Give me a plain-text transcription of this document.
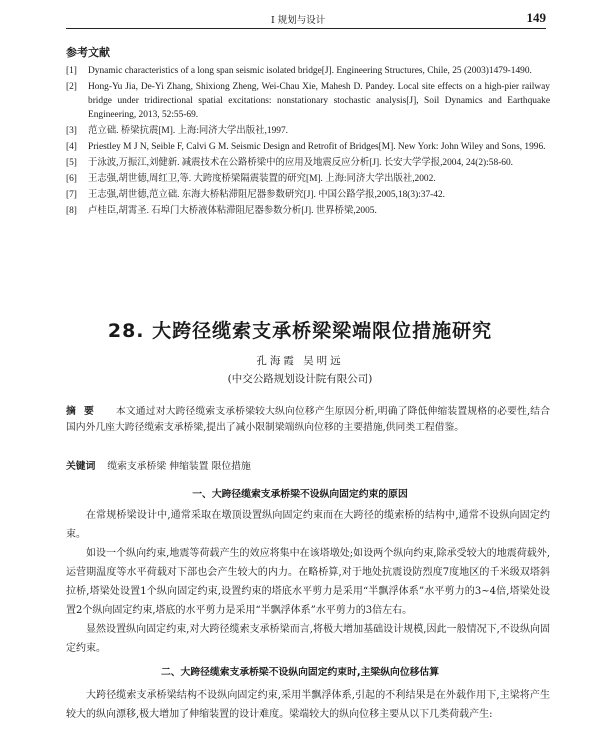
Ⅰ 规划与设计	149
参考文献
[1]	Dynamic characteristics of a long span seismic isolated bridge[J]. Engineering Structures, Chile, 25 (2003)1479-1490.
[2]	Hong-Yu Jia, De-Yi Zhang, Shixiong Zheng, Wei-Chau Xie, Mahesh D. Pandey. Local site effects on a high-pier railway bridge under tridirectional spatial excitations: nonstationary stochastic analysis[J], Soil Dynamics and Earthquake Engineering, 2013, 52:55-69.
[3]	范立础. 桥梁抗震[M]. 上海:同济大学出版社,1997.
[4]	Priestley M J N, Seible F, Calvi G M. Seismic Design and Retrofit of Bridges[M]. New York: John Wiley and Sons, 1996.
[5]	于泳波,万振江,刘健新. 减震技术在公路桥梁中的应用及地震反应分析[J]. 长安大学学报,2004, 24(2):58-60.
[6]	王志强,胡世德,周红卫,等. 大跨度桥梁隔震装置的研究[M]. 上海:同济大学出版社,2002.
[7]	王志强,胡世德,范立础. 东海大桥粘滞阻尼器参数研究[J]. 中国公路学报,2005,18(3):37-42.
[8]	卢桂臣,胡霄圣. 石埠门大桥液体粘滞阻尼器参数分析[J]. 世界桥梁,2005.
28. 大跨径缆索支承桥梁梁端限位措施研究
孔海霞 吴明远
(中交公路规划设计院有限公司)
摘要 本文通过对大跨径缆索支承桥梁较大纵向位移产生原因分析,明确了降低伸缩装置规格的必要性,结合国内外几座大跨径缆索支承桥梁,提出了减小限制梁端纵向位移的主要措施,供同类工程借鉴。
关键词 缆索支承桥梁 伸缩装置 限位措施
一、大跨径缆索支承桥梁不设纵向固定约束的原因
在常规桥梁设计中,通常采取在墩顶设置纵向固定约束而在大跨径的缆索桥的结构中,通常不设纵向固定约束。
如设一个纵向约束,地震等荷载产生的效应将集中在该塔墩处;如设两个纵向约束,除承受较大的地震荷载外,运营期温度等水平荷载对下部也会产生较大的内力。在略桥算,对于地处抗震设防烈度7度地区的千米级双塔斜拉桥,塔梁处设置1个纵向固定约束,设置约束的塔底水平剪力是采用“半飘浮体系”水平剪力的3~4倍,塔梁处设置2个纵向固定约束,塔底的水平剪力是采用“半飘浮体系”水平剪力的3倍左右。
显然设置纵向固定约束,对大跨径缆索支承桥梁而言,将极大增加基础设计规模,因此一般情况下,不设纵向固定约束。
二、大跨径缆索支承桥梁不设纵向固定约束时,主梁纵向位移估算
大跨径缆索支承桥梁结构不设纵向固定约束,采用半飘浮体系,引起的不利结果是在外载作用下,主梁将产生较大的纵向漂移,极大增加了伸缩装置的设计难度。梁端较大的纵向位移主要从以下几类荷载产生:
